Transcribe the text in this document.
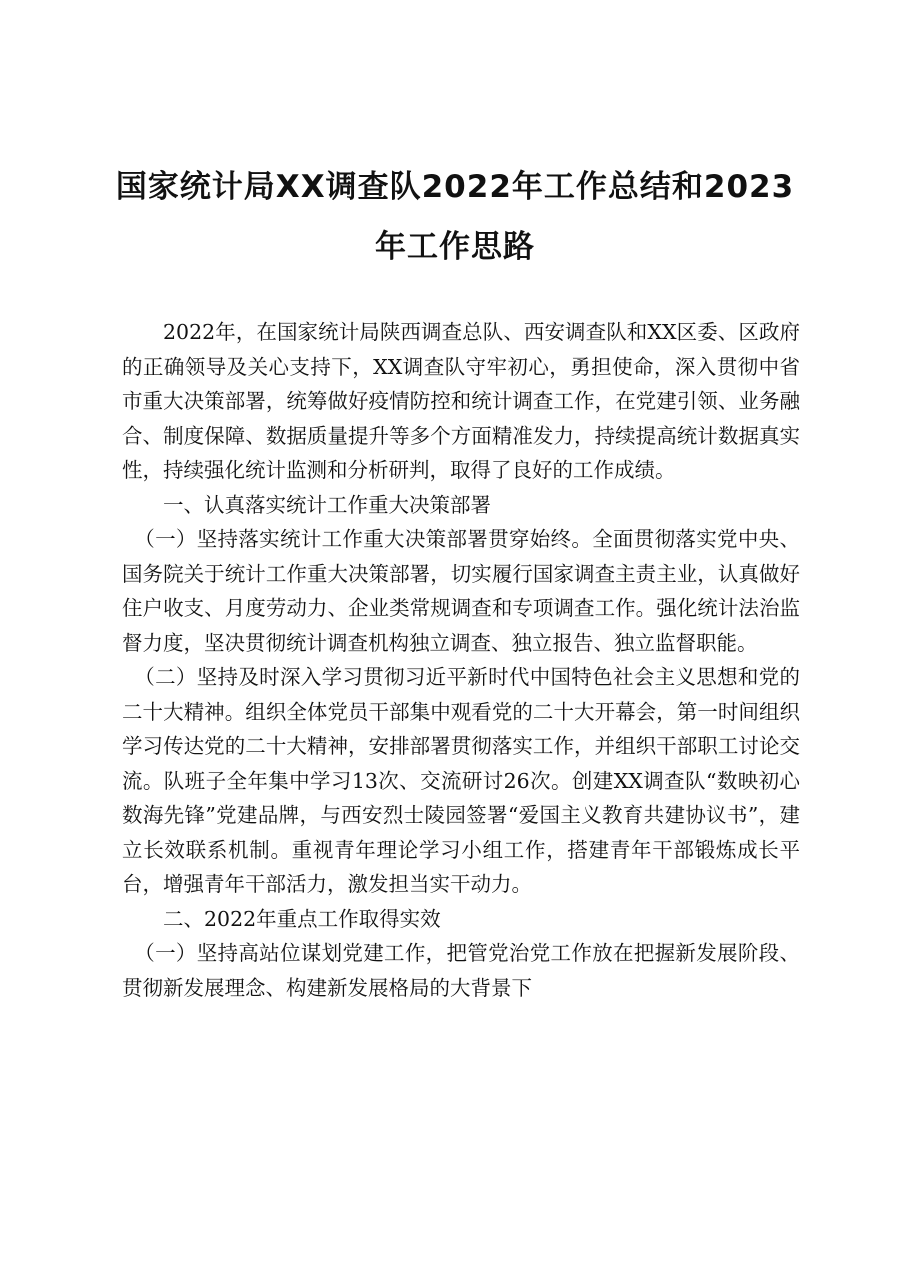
国家统计局XX调查队2022年工作总结和2023
年工作思路

2022年，在国家统计局陕西调查总队、西安调查队和XX区委、区政府的正确领导及关心支持下，XX调查队守牢初心，勇担使命，深入贯彻中省市重大决策部署，统筹做好疫情防控和统计调查工作，在党建引领、业务融合、制度保障、数据质量提升等多个方面精准发力，持续提高统计数据真实性，持续强化统计监测和分析研判，取得了良好的工作成绩。

一、认真落实统计工作重大决策部署

（一）坚持落实统计工作重大决策部署贯穿始终。全面贯彻落实党中央、国务院关于统计工作重大决策部署，切实履行国家调查主责主业，认真做好住户收支、月度劳动力、企业类常规调查和专项调查工作。强化统计法治监督力度，坚决贯彻统计调查机构独立调查、独立报告、独立监督职能。

（二）坚持及时深入学习贯彻习近平新时代中国特色社会主义思想和党的二十大精神。组织全体党员干部集中观看党的二十大开幕会，第一时间组织学习传达党的二十大精神，安排部署贯彻落实工作，并组织干部职工讨论交流。队班子全年集中学习13次、交流研讨26次。创建XX调查队“数映初心数海先锋”党建品牌，与西安烈士陵园签署“爱国主义教育共建协议书”，建立长效联系机制。重视青年理论学习小组工作，搭建青年干部锻炼成长平台，增强青年干部活力，激发担当实干动力。

二、2022年重点工作取得实效

（一）坚持高站位谋划党建工作，把管党治党工作放在把握新发展阶段、贯彻新发展理念、构建新发展格局的大背景下
